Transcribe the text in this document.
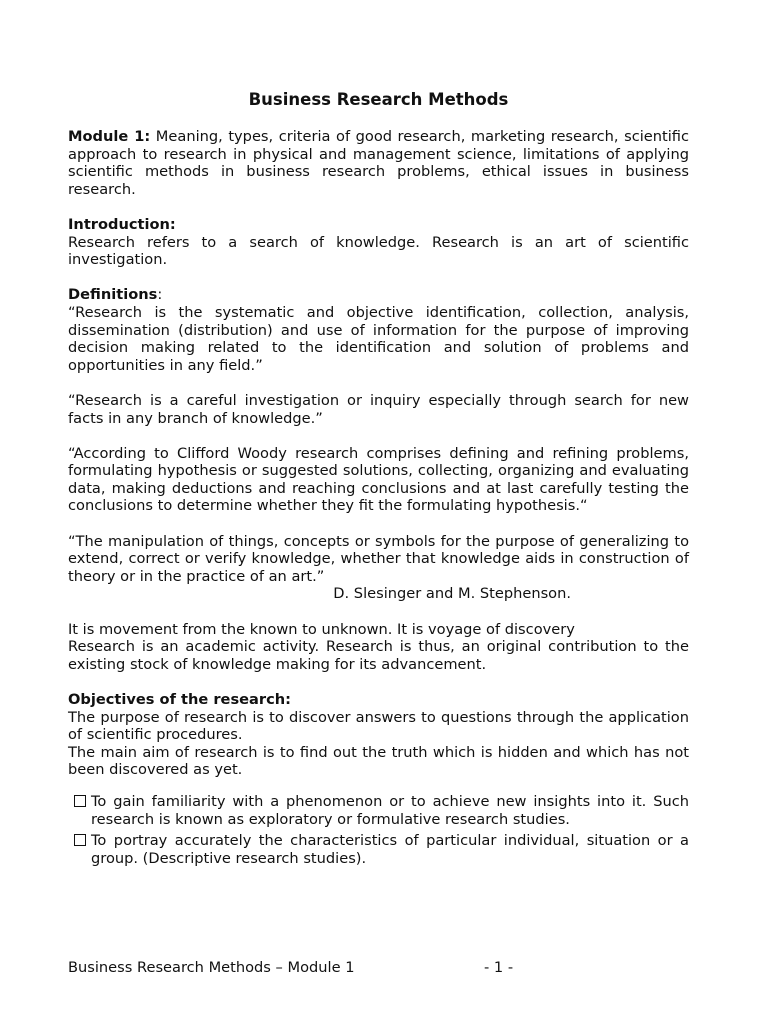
Business Research Methods

Module 1: Meaning, types, criteria of good research, marketing research, scientific approach to research in physical and management science, limitations of applying scientific methods in business research problems, ethical issues in business research.

Introduction:

Research refers to a search of knowledge. Research is an art of scientific investigation.

Definitions:

“Research is the systematic and objective identification, collection, analysis, dissemination (distribution) and use of information for the purpose of improving decision making related to the identification and solution of problems and opportunities in any field.”

“Research is a careful investigation or inquiry especially through search for new facts in any branch of knowledge.”

“According to Clifford Woody research comprises defining and refining problems, formulating hypothesis or suggested solutions, collecting, organizing and evaluating data, making deductions and reaching conclusions and at last carefully testing the conclusions to determine whether they fit the formulating hypothesis.“

“The manipulation of things, concepts or symbols for the purpose of generalizing to extend, correct or verify knowledge, whether that knowledge aids in construction of theory or in the practice of an art.”

D. Slesinger and M. Stephenson.

It is movement from the known to unknown. It is voyage of discovery

Research is an academic activity. Research is thus, an original contribution to the existing stock of knowledge making for its advancement.

Objectives of the research:

The purpose of research is to discover answers to questions through the application of scientific procedures.

The main aim of research is to find out the truth which is hidden and which has not been discovered as yet.

To gain familiarity with a phenomenon or to achieve new insights into it. Such research is known as exploratory or formulative research studies.
To portray accurately the characteristics of particular individual, situation or a group. (Descriptive research studies).
Business Research Methods – Module 1	- 1 -
